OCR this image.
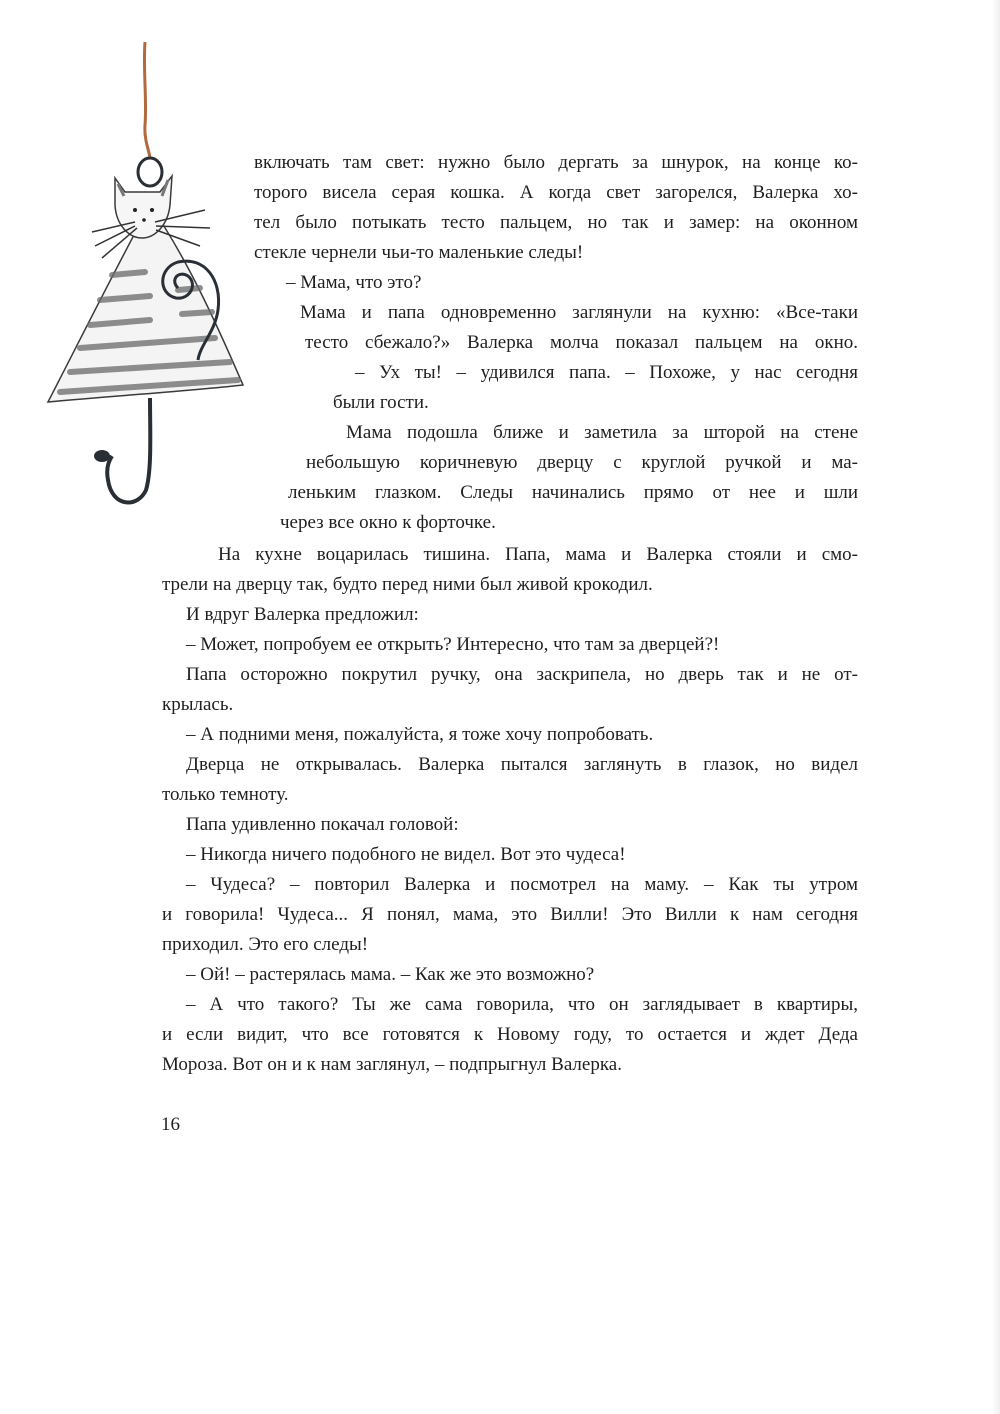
включать там свет: нужно было дергать за шнурок, на конце ко-

торого висела серая кошка. А когда свет загорелся, Валерка хо-

тел было потыкать тесто пальцем, но так и замер: на оконном

стекле чернели чьи-то маленькие следы!

– Мама, что это?

Мама и папа одновременно заглянули на кухню: «Все-таки

тесто сбежало?» Валерка молча показал пальцем на окно.

– Ух ты! – удивился папа. – Похоже, у нас сегодня

были гости.

Мама подошла ближе и заметила за шторой на стене

небольшую коричневую дверцу с круглой ручкой и ма-

леньким глазком. Следы начинались прямо от нее и шли

через все окно к форточке.

На кухне воцарилась тишина. Папа, мама и Валерка стояли и смо-

трели на дверцу так, будто перед ними был живой крокодил.

И вдруг Валерка предложил:

– Может, попробуем ее открыть? Интересно, что там за дверцей?!

Папа осторожно покрутил ручку, она заскрипела, но дверь так и не от-

крылась.

– А подними меня, пожалуйста, я тоже хочу попробовать.

Дверца не открывалась. Валерка пытался заглянуть в глазок, но видел

только темноту.

Папа удивленно покачал головой:

– Никогда ничего подобного не видел. Вот это чудеса!

– Чудеса? – повторил Валерка и посмотрел на маму. – Как ты утром

и говорила! Чудеса... Я понял, мама, это Вилли! Это Вилли к нам сегодня

приходил. Это его следы!

– Ой! – растерялась мама. – Как же это возможно?

– А что такого? Ты же сама говорила, что он заглядывает в квартиры,

и если видит, что все готовятся к Новому году, то остается и ждет Деда

Мороза. Вот он и к нам заглянул, – подпрыгнул Валерка.

16
